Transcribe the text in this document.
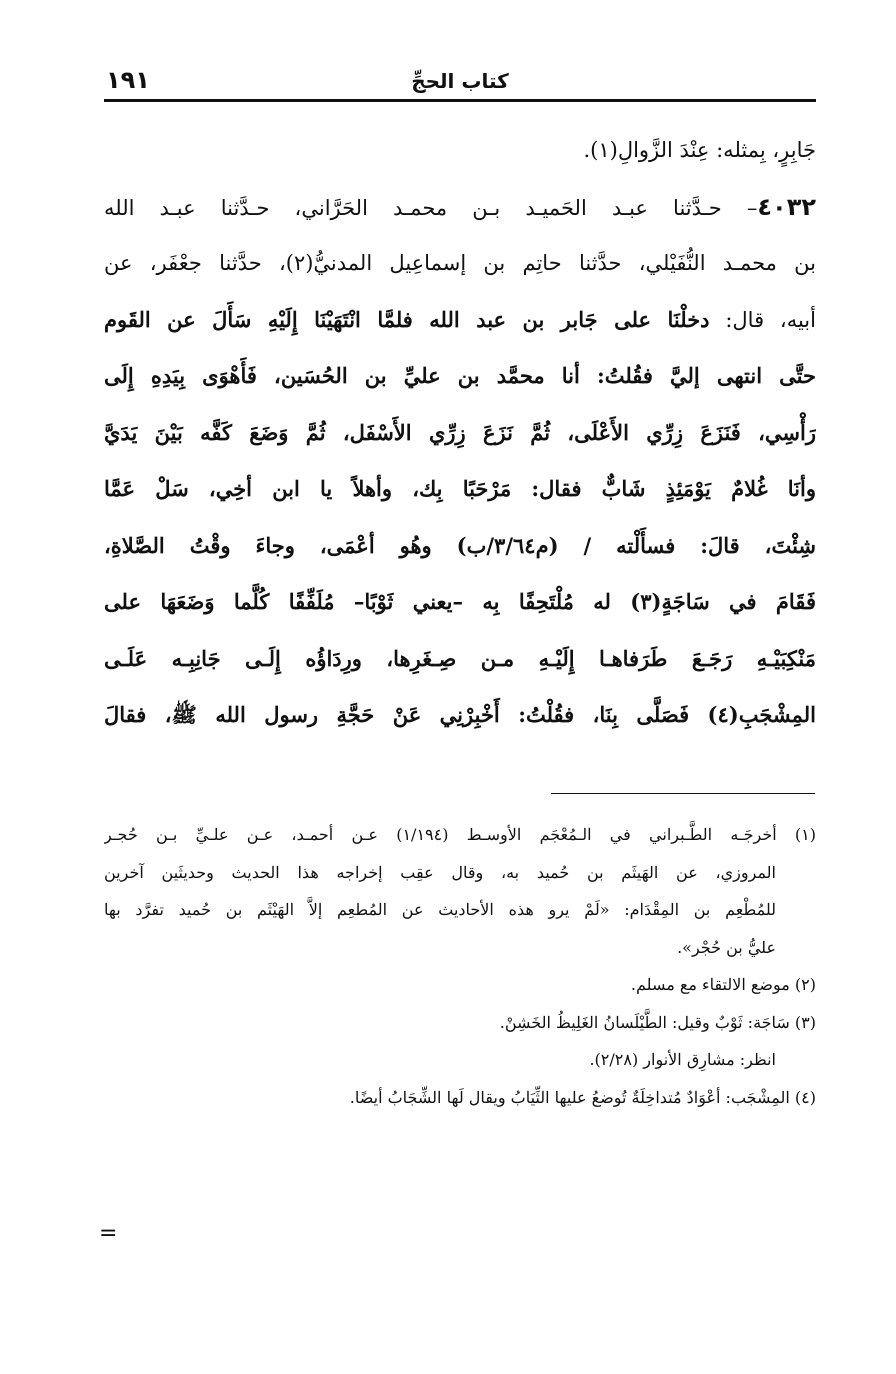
كتاب الحجِّ
١٩١
جَابِرٍ، بِمثله: عِنْدَ الزَّوالِ(١).
٤٠٣٢– حـدَّثنا عبـد الحَميـد بـن محمـد الحَرَّاني، حـدَّثنا عبـد الله
بن محمـد النُّفَيْلي، حدَّثنا حاتِم بن إسماعِيل المدنيُّ(٢)، حدَّثنا جعْفَر، عن
أبيه، قال: دخلْنَا على جَابر بن عبد الله فلمَّا انْتَهَيْنَا إِلَيْهِ سَأَلَ عن القَوم
حتَّى انتهى إليَّ فقُلتُ: أنا محمَّد بن عليِّ بن الحُسَين، فَأَهْوَى بِيَدِهِ إِلَى
رَأْسِي، فَنَزَعَ زِرِّي الأَعْلَى، ثُمَّ نَزَعَ زِرِّي الأَسْفَل، ثُمَّ وَضَعَ كَفَّه بَيْنَ يَدَيَّ
وأنَا غُلامٌ يَوْمَئِذٍ شَابٌّ فقال: مَرْحَبًا بِك، وأهلاً يا ابن أخِي، سَلْ عَمَّا
شِئْتَ، قالَ: فسأَلْته / (م٣/٦٤/ب) وهُو أعْمَى، وجاءَ وقْتُ الصَّلاةِ،
فَقَامَ في سَاجَةٍ(٣) له مُلْتَحِفًا بِه –يعني ثَوْبًا– مُلَفِّفًا كُلَّما وَضَعَهَا على
مَنْكِبَيْـهِ رَجَـعَ طَرَفاهـا إِلَيْـهِ مـن صِـغَرِها، ورِدَاؤُه إِلَـى جَانِبِـه عَلَـى
المِشْجَبِ(٤) فَصَلَّى بِنَا، فقُلْتُ: أَخْبِرْنِي عَنْ حَجَّةِ رسول الله ﷺ، فقالَ
(١) أخرجَـه الطَّـبراني في الـمُعْجَم الأوسـط (١/١٩٤) عـن أحمـد، عـن علـيِّ بـن حُجـر
المروزي، عن الهَيثَم بن حُميد به، وقال عقِب إخراجه هذا الحديث وحديثَين آخرين
للمُطْعِم بن المِقْدَام: «لَمْ يرو هذه الأحاديث عن المُطعِم إلاَّ الهَيْثَم بن حُميد تفرَّد بها
عليُّ بن حُجْر».
(٢) موضع الالتقاء مع مسلم.
(٣) سَاجَة: ثَوْبٌ وقيل: الطَّيْلَسانُ الغَلِيظُ الخَشِنْ.
انظر: مشارِق الأنوار (٢/٢٨).
(٤) المِشْجَب: أعْوَادٌ مُتداخِلَةٌ تُوضعُ عليها الثِّيَابُ ويقال لَها الشِّجَابُ أيضًا.
=
